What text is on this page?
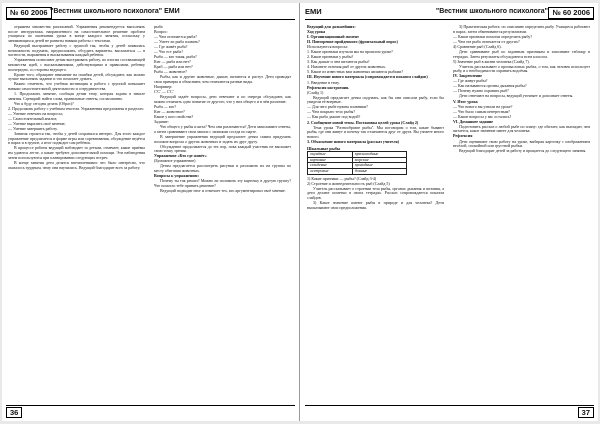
№ 60 2006 "Вестник школьного психолога" ЕМИ

отряжена множества расписаний. Упражнения рекомендуется выполнять после инструктажа, направленного на самостоятельное решение проблем учащихся по окончании урока в конце каждого занятия, поскольку у занимающихся детей не развиты навыки работы с текстами.

Ведущий выстраивает работу с группой так, чтобы у детей появилась возможность подумать, предположить, обсудить варианты, высказаться — в частности, выражения и высказывания каждый ребенок.

Упражнения позволяют детям выстраивать работу, по итогам составляющей множества идей, с высказываниями, действующими и правилами, ребенку поочередно, со стороны ведущего.

Кроме того, обращают внимание на ошибки детей, обсуждают, как можно лучше выполнять задание и что помогает думать.

Важно отметить, что учебная мотивация и работа с группой повышает навыки самостоятельной деятельности и сотрудничества.

1. Продолжать занятие, сообщая детям тему, которая задана в начале занятия. Сценарий: найти слова, правильные ответы, согласованно.

Что я буду сегодня делать (Образ)?

2. Продолжить работу с учебным текстом. Упражнения предложены в разделах:

— Умение отвечать на вопросы;

— Самостоятельный анализ;

— Умение выразить своё мнение;

— Умение завершить работу.

Занятия строятся так, чтобы у детей сохранялся интерес. Для этого каждое упражнение предлагается в форме игры или соревнования, обсуждение ведётся в парах и в группе, а итог подводит сам ребёнок.

В процессе работы ведущий наблюдает за детьми, отмечает, какие приёмы им удаются легче, а какие требуют дополнительной помощи. Эти наблюдения затем используются при планировании следующих встреч.

В конце занятия дети делятся впечатлениями: что было интересно, что оказалось трудным, чему они научились. Ведущий благодарит всех за работу.

рыба

Вопрос:

— Чем отличается рыба?

— Умеет ли рыба плавать?

— Где живёт рыба?

— Что ест рыба?

Рыба — кто такая, рыба?

Кит — рыба или нет?

Краб — рыба или нет?

Рыба — животное?

Рыбы, как и другие животные, дышат, питаются и растут. Дети приводят свои примеры и объясняют, чем отличаются разные виды.

Например:

С'С' — С'С'

Ведущий задаёт вопросы, дети отвечают и по очереди обсуждают, как можно отличить одно понятие от другого, что у них общего и в чём различие.

Рыба — кто?

Кит — животное?

Какие у кого свойства?

Задание:

Что общего у рыбы и кита? Чем они различаются? Дети записывают ответы, а затем сравнивают свои записи с записями соседа по парте.

В завершение упражнения ведущий предлагает детям самим придумать похожие вопросы о других животных и задать их друг другу.

Обсуждение продолжается до тех пор, пока каждый участник не выскажет свою точку зрения.

Упражнение «Кто где живёт»

(Бумажное упражнение)

Детям предлагается рассмотреть рисунки и разложить их на группы по месту обитания животных.

Вопросы к упражнению:

Почему ты так решил? Можно ли положить эту карточку в другую группу? Что помогло тебе принять решение?

Ведущий подводит итог и отмечает тех, кто аргументировал своё мнение.

36
ЕМИ	"Вестник школьного психолога" № 60 2006

Ведущий для дальнейших:

Ход урока

I. Организационный момент

II. Повторение пройденного (фронтальный опрос)

Используются вопросы:

1. Какие признаки изучали мы на прошлом уроке?

2. Какие признаки у рыбы?

3. Как дышат и чем питаются рыбы?

4. Назовите отличия рыб от других животных.

5. Какие из известных вам животных являются рыбами?

III. Изучение нового материала (сопровождается показом слайдов)

1. Введение в тему.

Рефлексия настроения.

(Слайд 1)

Ведущий предлагает детям подумать, как бы они описали рыбу, если бы увидели её впервые.

— Для чего рыбе нужны плавники?

— Чем покрыто тело рыбы?

— Как рыба дышит под водой?

2. Сообщение новой темы. Постановка целей урока (Слайд 2)

Тема урока "Разнообразие рыбы". Мы поговорим о том, какие бывают рыбы, где они живут и почему так отличаются друг от друга. Вы узнаете много нового.

3. Объяснение нового материала (рассказ учителя)

Шкальные рыбы
окунёвые	пресноводные
карповые	морские
сельдевые	проходные
осетровые	донные

1) Какие признаки — рыбы? (Слайд 3-4)

2) Строение и жизнедеятельность рыб (Слайд 5)

Учитель рассказывает о строении тела рыбы, органах дыхания и питания, а дети делают пометки в своих тетрадях. Рассказ сопровождается показом слайдов.

3) Какое значение имеют рыбы в природе и для человека? Дети высказывают свои предположения.

3) Практическая работа: по описанию определить рыбу. Учащиеся работают в парах, затем обмениваются результатами.

— Какие признаки помогли определить рыбу?

— Чем эта рыба отличается от других?

4) Сравнение рыб (Слайд 6).

Дети сравнивают рыб по заданным признакам и заполняют таблицу в тетрадях. Затем результаты обсуждаются всем классом.

5) Значение рыб в жизни человека (Слайд 7).

Учитель рассказывает о промысловых рыбах, о том, как человек использует рыбу, и о необходимости охранять водоёмы.

IV. Закрепление

— Где живут рыбы?

— Как называются органы дыхания рыбы?

— Почему нужно охранять рыб?

Дети отвечают на вопросы, ведущий уточняет и дополняет ответы.

V. Итог урока

— Что нового вы узнали на уроке?

— Что было самым интересным?

— Какие вопросы у вас остались?

VI. Домашнее задание

Подготовить рассказ о любой рыбе по плану: где обитает, как выглядит, чем питается, какое значение имеет для человека.

Рефлексия

Дети оценивают свою работу на уроке, выбирая карточку с изображением весёлой, спокойной или грустной рыбки.

Ведущий благодарит детей за работу и прощается до следующего занятия.

37
